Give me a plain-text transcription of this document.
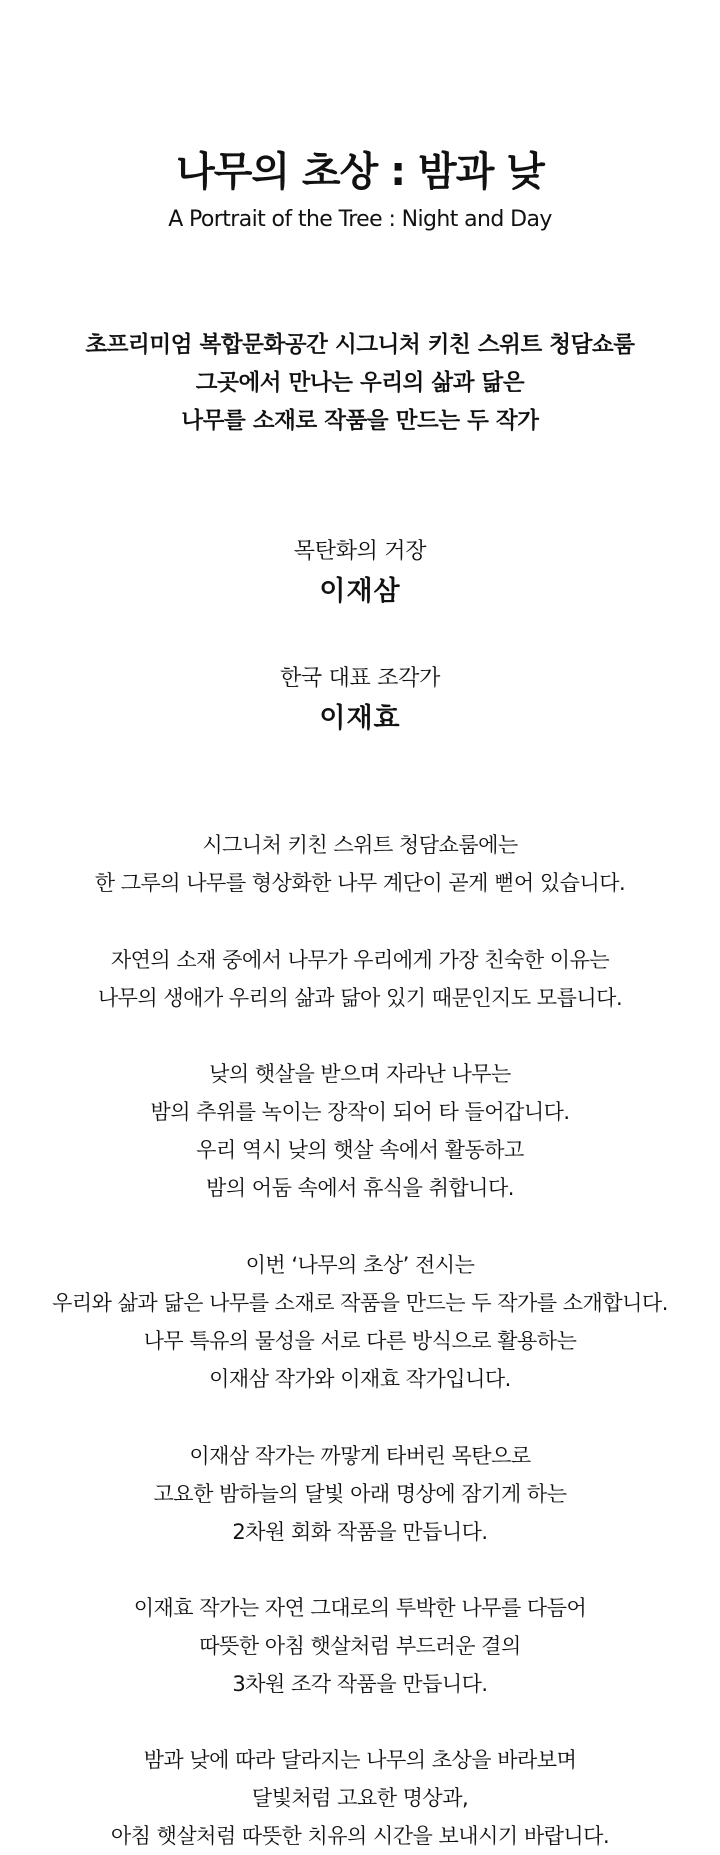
나무의 초상 : 밤과 낮
A Portrait of the Tree : Night and Day
초프리미엄 복합문화공간 시그니처 키친 스위트 청담쇼룸
그곳에서 만나는 우리의 삶과 닮은
나무를 소재로 작품을 만드는 두 작가
목탄화의 거장
이재삼
한국 대표 조각가
이재효
시그니처 키친 스위트 청담쇼룸에는
한 그루의 나무를 형상화한 나무 계단이 곧게 뻗어 있습니다.
자연의 소재 중에서 나무가 우리에게 가장 친숙한 이유는
나무의 생애가 우리의 삶과 닮아 있기 때문인지도 모릅니다.
낮의 햇살을 받으며 자라난 나무는
밤의 추위를 녹이는 장작이 되어 타 들어갑니다.
우리 역시 낮의 햇살 속에서 활동하고
밤의 어둠 속에서 휴식을 취합니다.
이번 ‘나무의 초상’ 전시는
우리와 삶과 닮은 나무를 소재로 작품을 만드는 두 작가를 소개합니다.
나무 특유의 물성을 서로 다른 방식으로 활용하는
이재삼 작가와 이재효 작가입니다.
이재삼 작가는 까맣게 타버린 목탄으로
고요한 밤하늘의 달빛 아래 명상에 잠기게 하는
2차원 회화 작품을 만듭니다.
이재효 작가는 자연 그대로의 투박한 나무를 다듬어
따뜻한 아침 햇살처럼 부드러운 결의
3차원 조각 작품을 만듭니다.
밤과 낮에 따라 달라지는 나무의 초상을 바라보며
달빛처럼 고요한 명상과,
아침 햇살처럼 따뜻한 치유의 시간을 보내시기 바랍니다.
